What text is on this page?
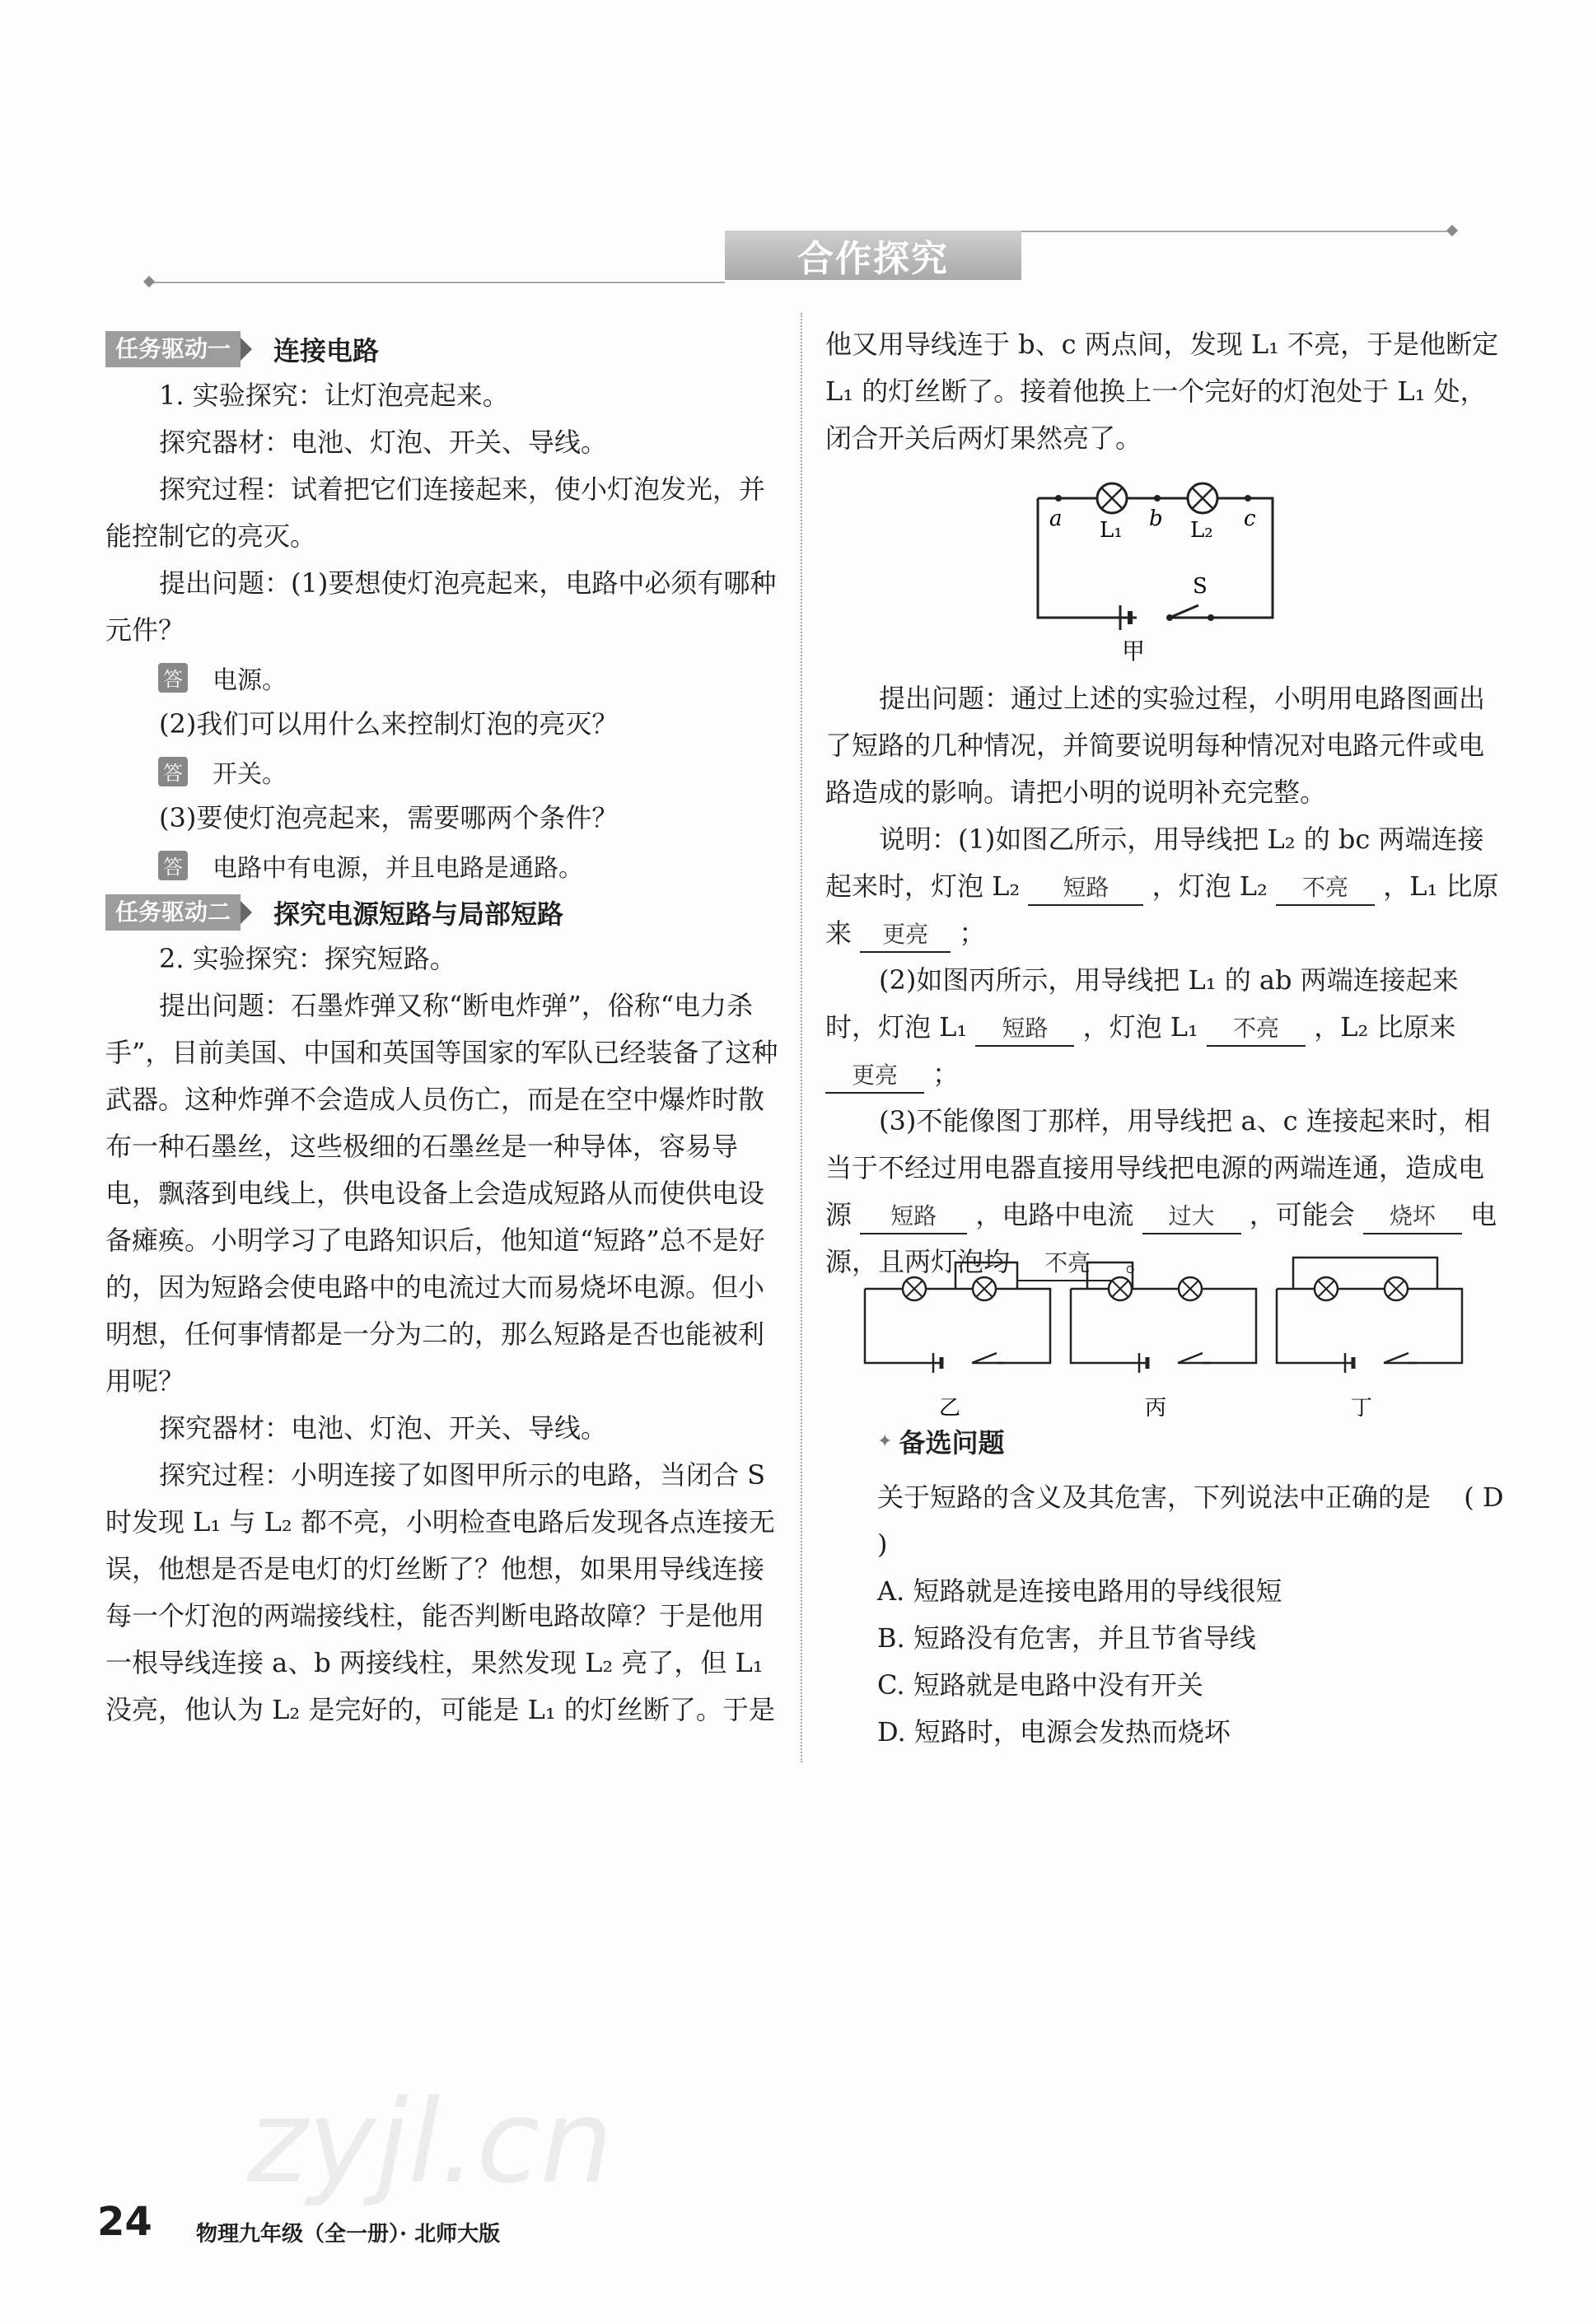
zyjl.cn
合作探究
任务驱动一	连接电路

1. 实验探究：让灯泡亮起来。

探究器材：电池、灯泡、开关、导线。

探究过程：试着把它们连接起来，使小灯泡发光，并能控制它的亮灭。

提出问题：(1)要想使灯泡亮起来，电路中必须有哪种元件？

答 电源。

(2)我们可以用什么来控制灯泡的亮灭？

答 开关。

(3)要使灯泡亮起来，需要哪两个条件？

答 电路中有电源，并且电路是通路。
任务驱动二	探究电源短路与局部短路

2. 实验探究：探究短路。

提出问题：石墨炸弹又称“断电炸弹”，俗称“电力杀手”，目前美国、中国和英国等国家的军队已经装备了这种武器。这种炸弹不会造成人员伤亡，而是在空中爆炸时散布一种石墨丝，这些极细的石墨丝是一种导体，容易导电，飘落到电线上，供电设备上会造成短路从而使供电设备瘫痪。小明学习了电路知识后，他知道“短路”总不是好的，因为短路会使电路中的电流过大而易烧坏电源。但小明想，任何事情都是一分为二的，那么短路是否也能被利用呢？

探究器材：电池、灯泡、开关、导线。

探究过程：小明连接了如图甲所示的电路，当闭合 S 时发现 L₁ 与 L₂ 都不亮，小明检查电路后发现各点连接无误，他想是否是电灯的灯丝断了？他想，如果用导线连接每一个灯泡的两端接线柱，能否判断电路故障？于是他用一根导线连接 a、b 两接线柱，果然发现 L₂ 亮了，但 L₁ 没亮，他认为 L₂ 是完好的，可能是 L₁ 的灯丝断了。于是

他又用导线连于 b、c 两点间，发现 L₁ 不亮，于是他断定 L₁ 的灯丝断了。接着他换上一个完好的灯泡处于 L₁ 处，闭合开关后两灯果然亮了。

a	b	c
L₁	L₂
S
甲

提出问题：通过上述的实验过程，小明用电路图画出了短路的几种情况，并简要说明每种情况对电路元件或电路造成的影响。请把小明的说明补充完整。

说明：(1)如图乙所示，用导线把 L₂ 的 bc 两端连接起来时，灯泡 L₂ 短路 ，灯泡 L₂ 不亮 ，L₁ 比原来 更亮 ；

(2)如图丙所示，用导线把 L₁ 的 ab 两端连接起来时，灯泡 L₁ 短路 ，灯泡 L₁ 不亮 ，L₂ 比原来 更亮 ；

(3)不能像图丁那样，用导线把 a、c 连接起来时，相当于不经过用电器直接用导线把电源的两端连通，造成电源 短路 ，电路中电流 过大 ，可能会 烧坏 电源，且两灯泡均 不亮 。

乙	丙	丁
✦ 备选问题

关于短路的含义及其危害，下列说法中正确的是 ( D )

A. 短路就是连接电路用的导线很短

B. 短路没有危害，并且节省导线

C. 短路就是电路中没有开关

D. 短路时，电源会发热而烧坏

24 物理九年级（全一册）· 北师大版
